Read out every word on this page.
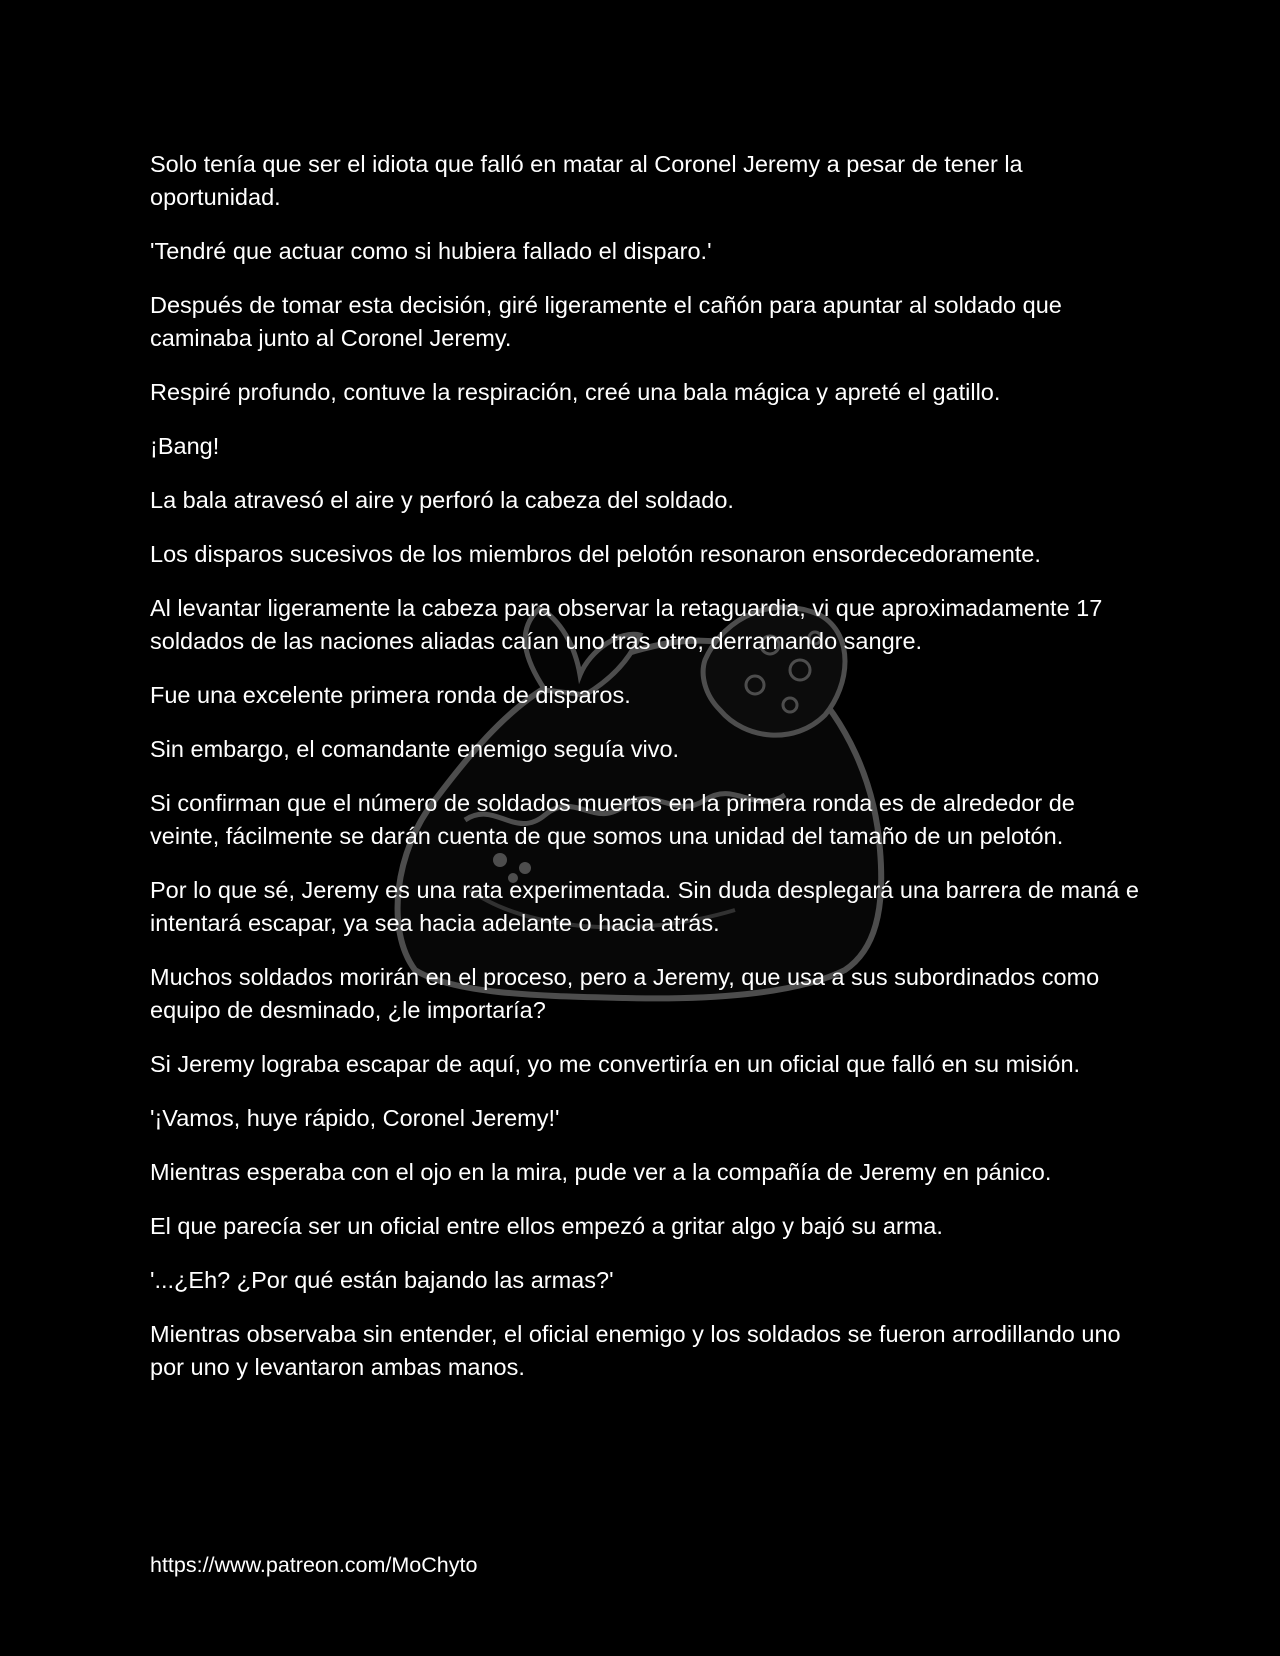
Solo tenía que ser el idiota que falló en matar al Coronel Jeremy a pesar de tener la oportunidad.

'Tendré que actuar como si hubiera fallado el disparo.'

Después de tomar esta decisión, giré ligeramente el cañón para apuntar al soldado que caminaba junto al Coronel Jeremy.

Respiré profundo, contuve la respiración, creé una bala mágica y apreté el gatillo.

¡Bang!

La bala atravesó el aire y perforó la cabeza del soldado.

Los disparos sucesivos de los miembros del pelotón resonaron ensordecedoramente.

Al levantar ligeramente la cabeza para observar la retaguardia, vi que aproximadamente 17 soldados de las naciones aliadas caían uno tras otro, derramando sangre.

Fue una excelente primera ronda de disparos.

Sin embargo, el comandante enemigo seguía vivo.

Si confirman que el número de soldados muertos en la primera ronda es de alrededor de veinte, fácilmente se darán cuenta de que somos una unidad del tamaño de un pelotón.

Por lo que sé, Jeremy es una rata experimentada. Sin duda desplegará una barrera de maná e intentará escapar, ya sea hacia adelante o hacia atrás.

Muchos soldados morirán en el proceso, pero a Jeremy, que usa a sus subordinados como equipo de desminado, ¿le importaría?

Si Jeremy lograba escapar de aquí, yo me convertiría en un oficial que falló en su misión.

'¡Vamos, huye rápido, Coronel Jeremy!'

Mientras esperaba con el ojo en la mira, pude ver a la compañía de Jeremy en pánico.

El que parecía ser un oficial entre ellos empezó a gritar algo y bajó su arma.

'...¿Eh? ¿Por qué están bajando las armas?'

Mientras observaba sin entender, el oficial enemigo y los soldados se fueron arrodillando uno por uno y levantaron ambas manos.

https://www.patreon.com/MoChyto
